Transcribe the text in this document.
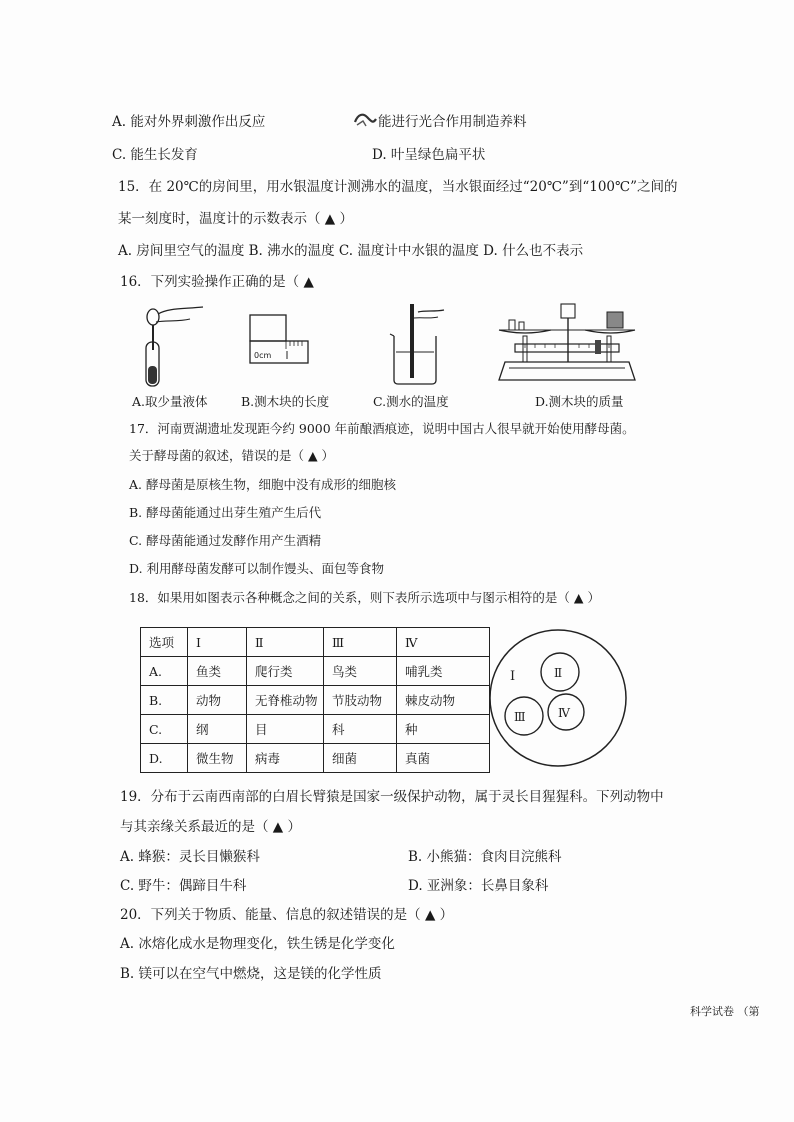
A. 能对外界刺激作出反应	能进行光合作用制造养料
C. 能生长发育	D. 叶呈绿色扁平状
15．在 20℃的房间里，用水银温度计测沸水的温度，当水银面经过“20℃”到“100℃”之间的
某一刻度时，温度计的示数表示（ ▲ ）
A. 房间里空气的温度 B. 沸水的温度 C. 温度计中水银的温度 D. 什么也不表示
16．下列实验操作正确的是（ ▲
0cm
A.取少量液体	B.测木块的长度	C.测水的温度	D.测木块的质量
17．河南贾湖遗址发现距今约 9000 年前酿酒痕迹，说明中国古人很早就开始使用酵母菌。
关于酵母菌的叙述，错误的是（ ▲ ）
A. 酵母菌是原核生物，细胞中没有成形的细胞核
B. 酵母菌能通过出芽生殖产生后代
C. 酵母菌能通过发酵作用产生酒精
D. 利用酵母菌发酵可以制作馒头、面包等食物
18．如果用如图表示各种概念之间的关系，则下表所示选项中与图示相符的是（ ▲ ）
选项	Ⅰ	Ⅱ	Ⅲ	Ⅳ
A.	鱼类	爬行类	鸟类	哺乳类
B.	动物	无脊椎动物	节肢动物	棘皮动物
C.	纲	目	科	种
D.	微生物	病毒	细菌	真菌
Ⅰ	Ⅱ
Ⅲ	Ⅳ
19．分布于云南西南部的白眉长臂猿是国家一级保护动物，属于灵长目猩猩科。下列动物中
与其亲缘关系最近的是（ ▲ ）
A. 蜂猴：灵长目懒猴科	B. 小熊猫：食肉目浣熊科
C. 野牛：偶蹄目牛科	D. 亚洲象：长鼻目象科
20．下列关于物质、能量、信息的叙述错误的是（ ▲ ）
A. 冰熔化成水是物理变化，铁生锈是化学变化
B. 镁可以在空气中燃烧，这是镁的化学性质
科学试卷 （第
